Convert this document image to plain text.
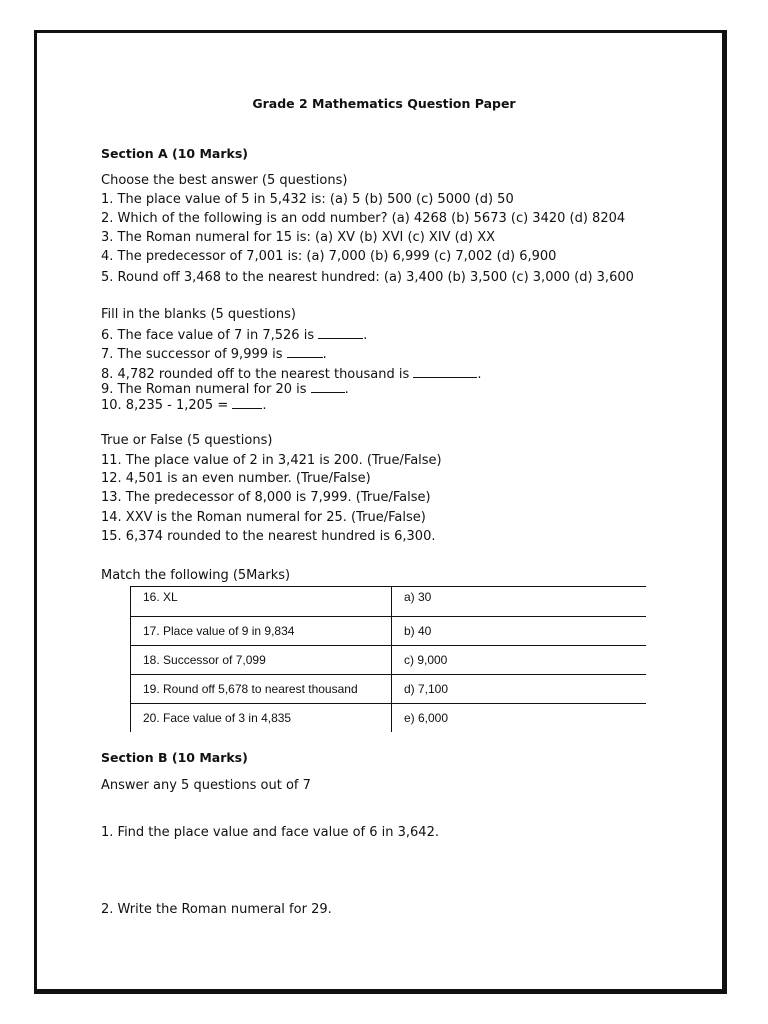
Grade 2 Mathematics Question Paper
Section A (10 Marks)
Choose the best answer (5 questions)
1. The place value of 5 in 5,432 is: (a) 5 (b) 500 (c) 5000 (d) 50
2. Which of the following is an odd number? (a) 4268 (b) 5673 (c) 3420 (d) 8204
3. The Roman numeral for 15 is: (a) XV (b) XVI (c) XIV (d) XX
4. The predecessor of 7,001 is: (a) 7,000 (b) 6,999 (c) 7,002 (d) 6,900
5. Round off 3,468 to the nearest hundred: (a) 3,400 (b) 3,500 (c) 3,000 (d) 3,600
Fill in the blanks (5 questions)
6. The face value of 7 in 7,526 is	.
7. The successor of 9,999 is	.
8. 4,782 rounded off to the nearest thousand is	.
9. The Roman numeral for 20 is	.
10. 8,235 - 1,205 =	.
True or False (5 questions)
11. The place value of 2 in 3,421 is 200. (True/False)
12. 4,501 is an even number. (True/False)
13. The predecessor of 8,000 is 7,999. (True/False)
14. XXV is the Roman numeral for 25. (True/False)
15. 6,374 rounded to the nearest hundred is 6,300.
Match the following (5Marks)
16. XL	a) 30
17. Place value of 9 in 9,834	b) 40
18. Successor of 7,099	c) 9,000
19. Round off 5,678 to nearest thousand	d) 7,100
20. Face value of 3 in 4,835	e) 6,000
Section B (10 Marks)
Answer any 5 questions out of 7
1. Find the place value and face value of 6 in 3,642.
2. Write the Roman numeral for 29.
